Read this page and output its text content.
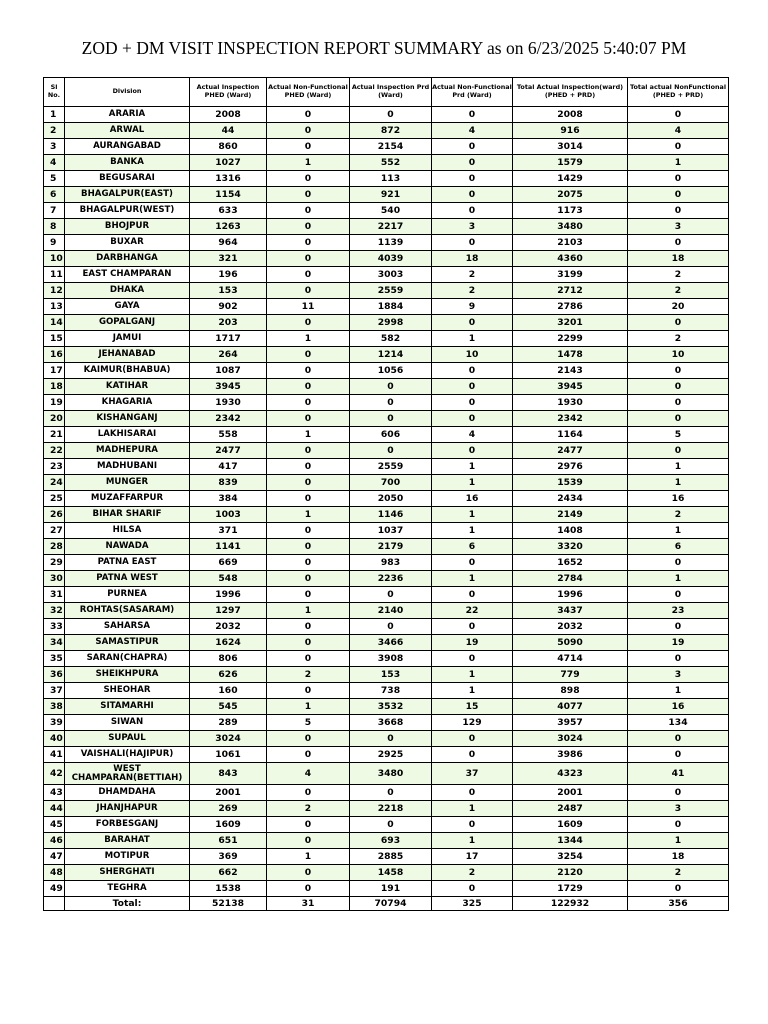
ZOD + DM VISIT INSPECTION REPORT SUMMARY as on 6/23/2025 5:40:07 PM
Sl No.	Division	Actual Inspection PHED (Ward)	Actual Non-Functional PHED (Ward)	Actual Inspection Prd (Ward)	Actual Non-Functional Prd (Ward)	Total Actual Inspection(ward)(PHED + PRD)	Total actual NonFunctional (PHED + PRD)
1	ARARIA	2008	0	0	0	2008	0
2	ARWAL	44	0	872	4	916	4
3	AURANGABAD	860	0	2154	0	3014	0
4	BANKA	1027	1	552	0	1579	1
5	BEGUSARAI	1316	0	113	0	1429	0
6	BHAGALPUR(EAST)	1154	0	921	0	2075	0
7	BHAGALPUR(WEST)	633	0	540	0	1173	0
8	BHOJPUR	1263	0	2217	3	3480	3
9	BUXAR	964	0	1139	0	2103	0
10	DARBHANGA	321	0	4039	18	4360	18
11	EAST CHAMPARAN	196	0	3003	2	3199	2
12	DHAKA	153	0	2559	2	2712	2
13	GAYA	902	11	1884	9	2786	20
14	GOPALGANJ	203	0	2998	0	3201	0
15	JAMUI	1717	1	582	1	2299	2
16	JEHANABAD	264	0	1214	10	1478	10
17	KAIMUR(BHABUA)	1087	0	1056	0	2143	0
18	KATIHAR	3945	0	0	0	3945	0
19	KHAGARIA	1930	0	0	0	1930	0
20	KISHANGANJ	2342	0	0	0	2342	0
21	LAKHISARAI	558	1	606	4	1164	5
22	MADHEPURA	2477	0	0	0	2477	0
23	MADHUBANI	417	0	2559	1	2976	1
24	MUNGER	839	0	700	1	1539	1
25	MUZAFFARPUR	384	0	2050	16	2434	16
26	BIHAR SHARIF	1003	1	1146	1	2149	2
27	HILSA	371	0	1037	1	1408	1
28	NAWADA	1141	0	2179	6	3320	6
29	PATNA EAST	669	0	983	0	1652	0
30	PATNA WEST	548	0	2236	1	2784	1
31	PURNEA	1996	0	0	0	1996	0
32	ROHTAS(SASARAM)	1297	1	2140	22	3437	23
33	SAHARSA	2032	0	0	0	2032	0
34	SAMASTIPUR	1624	0	3466	19	5090	19
35	SARAN(CHAPRA)	806	0	3908	0	4714	0
36	SHEIKHPURA	626	2	153	1	779	3
37	SHEOHAR	160	0	738	1	898	1
38	SITAMARHI	545	1	3532	15	4077	16
39	SIWAN	289	5	3668	129	3957	134
40	SUPAUL	3024	0	0	0	3024	0
41	VAISHALI(HAJIPUR)	1061	0	2925	0	3986	0
42	WEST CHAMPARAN(BETTIAH)	843	4	3480	37	4323	41
43	DHAMDAHA	2001	0	0	0	2001	0
44	JHANJHAPUR	269	2	2218	1	2487	3
45	FORBESGANJ	1609	0	0	0	1609	0
46	BARAHAT	651	0	693	1	1344	1
47	MOTIPUR	369	1	2885	17	3254	18
48	SHERGHATI	662	0	1458	2	2120	2
49	TEGHRA	1538	0	191	0	1729	0
	Total:	52138	31	70794	325	122932	356
